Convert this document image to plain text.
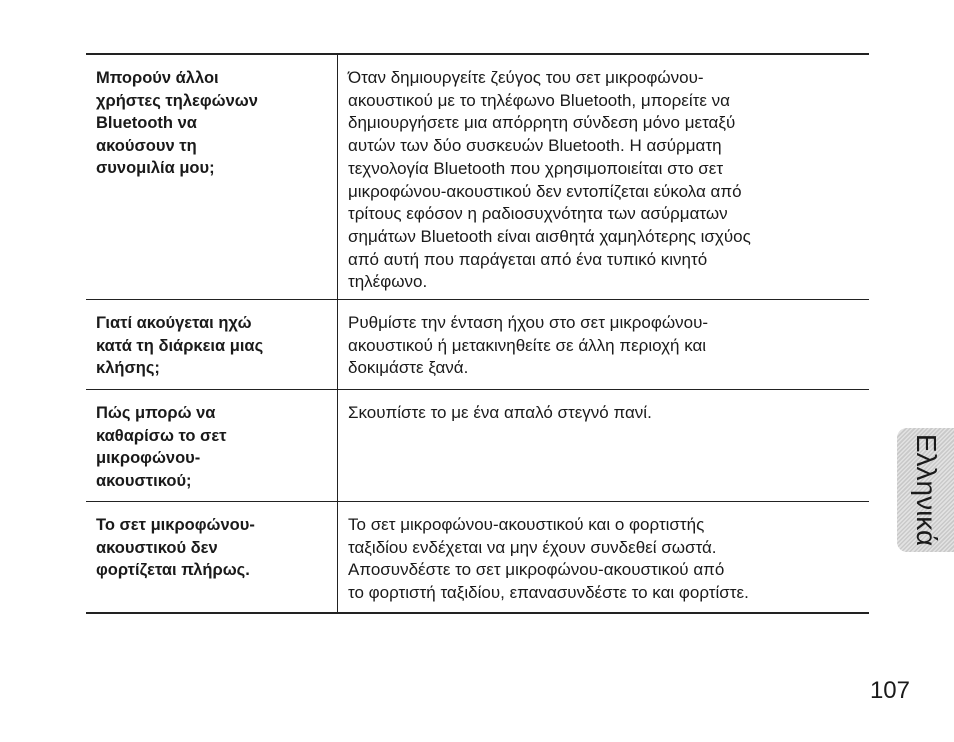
Μπορούν άλλοι
χρήστες τηλεφώνων
Bluetooth να
ακούσουν τη
συνομιλία μου;
Όταν δημιουργείτε ζεύγος του σετ μικροφώνου-
ακουστικού με το τηλέφωνο Bluetooth, μπορείτε να
δημιουργήσετε μια απόρρητη σύνδεση μόνο μεταξύ
αυτών των δύο συσκευών Bluetooth. Η ασύρματη
τεχνολογία Bluetooth που χρησιμοποιείται στο σετ
μικροφώνου-ακουστικού δεν εντοπίζεται εύκολα από
τρίτους εφόσον η ραδιοσυχνότητα των ασύρματων
σημάτων Bluetooth είναι αισθητά χαμηλότερης ισχύος
από αυτή που παράγεται από ένα τυπικό κινητό
τηλέφωνο.
Γιατί ακούγεται ηχώ
κατά τη διάρκεια μιας
κλήσης;
Ρυθμίστε την ένταση ήχου στο σετ μικροφώνου-
ακουστικού ή μετακινηθείτε σε άλλη περιοχή και
δοκιμάστε ξανά.
Πώς μπορώ να
καθαρίσω το σετ
μικροφώνου-
ακουστικού;
Σκουπίστε το με ένα απαλό στεγνό πανί.
Το σετ μικροφώνου-
ακουστικού δεν
φορτίζεται πλήρως.
Το σετ μικροφώνου-ακουστικού και ο φορτιστής
ταξιδίου ενδέχεται να μην έχουν συνδεθεί σωστά.
Αποσυνδέστε το σετ μικροφώνου-ακουστικού από
το φορτιστή ταξιδίου, επανασυνδέστε το και φορτίστε.
Ελληνικά
107
